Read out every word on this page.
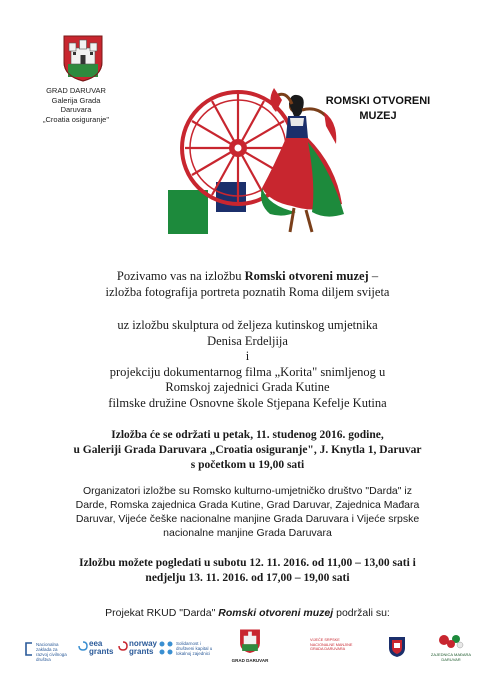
GRAD DARUVAR
Galerija Grada
Daruvara
„Croatia osiguranje"
ROMSKI OTVORENI
MUZEJ
Pozivamo vas na izložbu Romski otvoreni muzej –
izložba fotografija portreta poznatih Roma diljem svijeta
uz izložbu skulptura od željeza kutinskog umjetnika
Denisa Erdeljija
i
projekciju dokumentarnog filma „Korita" snimljenog u
Romskoj zajednici Grada Kutine
filmske družine Osnovne škole Stjepana Kefelje Kutina
Izložba će se održati u petak, 11. studenog 2016. godine,
u Galeriji Grada Daruvara „Croatia osiguranje", J. Knytla 1, Daruvar
s početkom u 19,00 sati
Organizatori izložbe su Romsko kulturno-umjetničko društvo "Darda" iz
Darde, Romska zajednica Grada Kutine, Grad Daruvar, Zajednica Mađara
Daruvar, Vijeće češke nacionalne manjine Grada Daruvara i Vijeće srpske
nacionalne manjine Grada Daruvara
Izložbu možete pogledati u subotu 12. 11. 2016. od 11,00 – 13,00 sati i
nedjelju 13. 11. 2016. od 17,00 – 19,00 sati
Projekat RKUD "Darda" Romski otvoreni muzej podržali su:
Nacionalna zaklada za razvoj civilnoga društva
eea
grants
norway
grants
Solidarnost i društveni kapital u lokalnoj zajednici
GRAD DARUVAR
VIJEĆE SRPSKE NACIONALNE MANJINE GRADA DARUVARA
ZAJEDNICA MAĐARA DARUVAR
